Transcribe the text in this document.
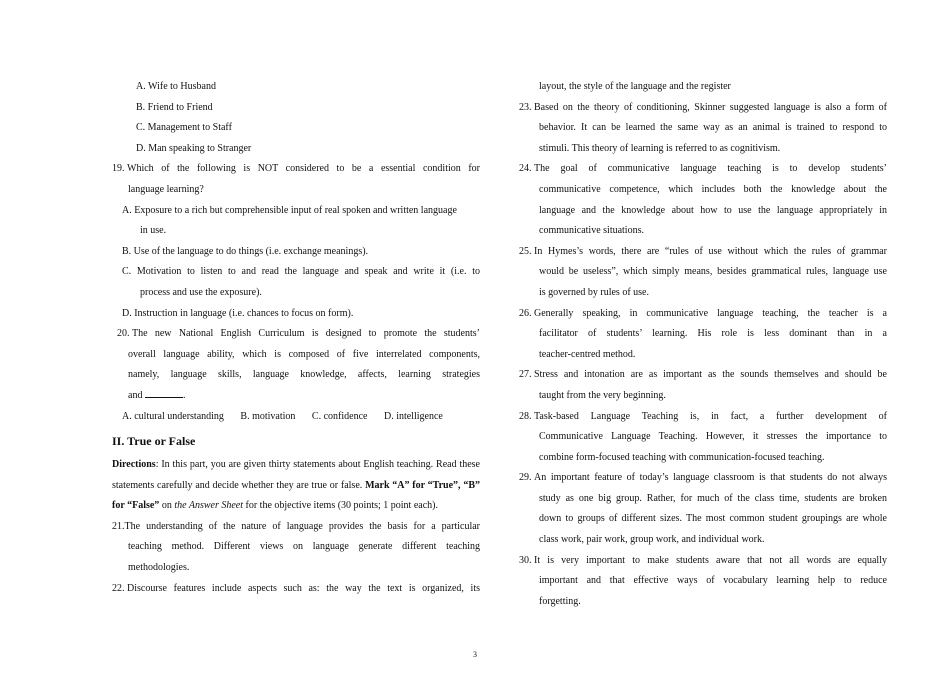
A. Wife to Husband
B. Friend to Friend
C. Management to Staff
D. Man speaking to Stranger
19.
Which of the following is NOT considered to be a essential condition for
language learning?
A. Exposure to a rich but comprehensible input of real spoken and written language
in use.
B. Use of the language to do things (i.e. exchange meanings).
C. Motivation to listen to and read the language and speak and write it (i.e. to
process and use the exposure).
D. Instruction in language (i.e. chances to focus on form).
20.
The new National English Curriculum is designed to promote the students’
overall language ability, which is composed of five interrelated components,
namely, language skills, language knowledge, affects, learning strategies
and	.
A. cultural understanding B. motivation C. confidence D. intelligence
II. True or False
Directions: In this part, you are given thirty statements about English teaching. Read these statements carefully and decide whether they are true or false. Mark “A” for “True”, “B” for “False” on the Answer Sheet for the objective items (30 points; 1 point each).
21. The understanding of the nature of language provides the basis for a particular
teaching method. Different views on language generate different teaching
methodologies.
22.
Discourse features include aspects such as: the way the text is organized, its
layout, the style of the language and the register
23.
Based on the theory of conditioning, Skinner suggested language is also a form of
behavior. It can be learned the same way as an animal is trained to respond to
stimuli. This theory of learning is referred to as cognitivism.
24.
The goal of communicative language teaching is to develop students’
communicative competence, which includes both the knowledge about the
language and the knowledge about how to use the language appropriately in
communicative situations.
25.
In Hymes’s words, there are “rules of use without which the rules of grammar
would be useless”, which simply means, besides grammatical rules, language use
is governed by rules of use.
26.
Generally speaking, in communicative language teaching, the teacher is a
facilitator of students’ learning. His role is less dominant than in a
teacher-centred method.
27.
Stress and intonation are as important as the sounds themselves and should be
taught from the very beginning.
28.
Task-based Language Teaching is, in fact, a further development of
Communicative Language Teaching. However, it stresses the importance to
combine form-focused teaching with communication-focused teaching.
29.
An important feature of today’s language classroom is that students do not always
study as one big group. Rather, for much of the class time, students are broken
down to groups of different sizes. The most common student groupings are whole
class work, pair work, group work, and individual work.
30.
It is very important to make students aware that not all words are equally
important and that effective ways of vocabulary learning help to reduce
forgetting.
3
